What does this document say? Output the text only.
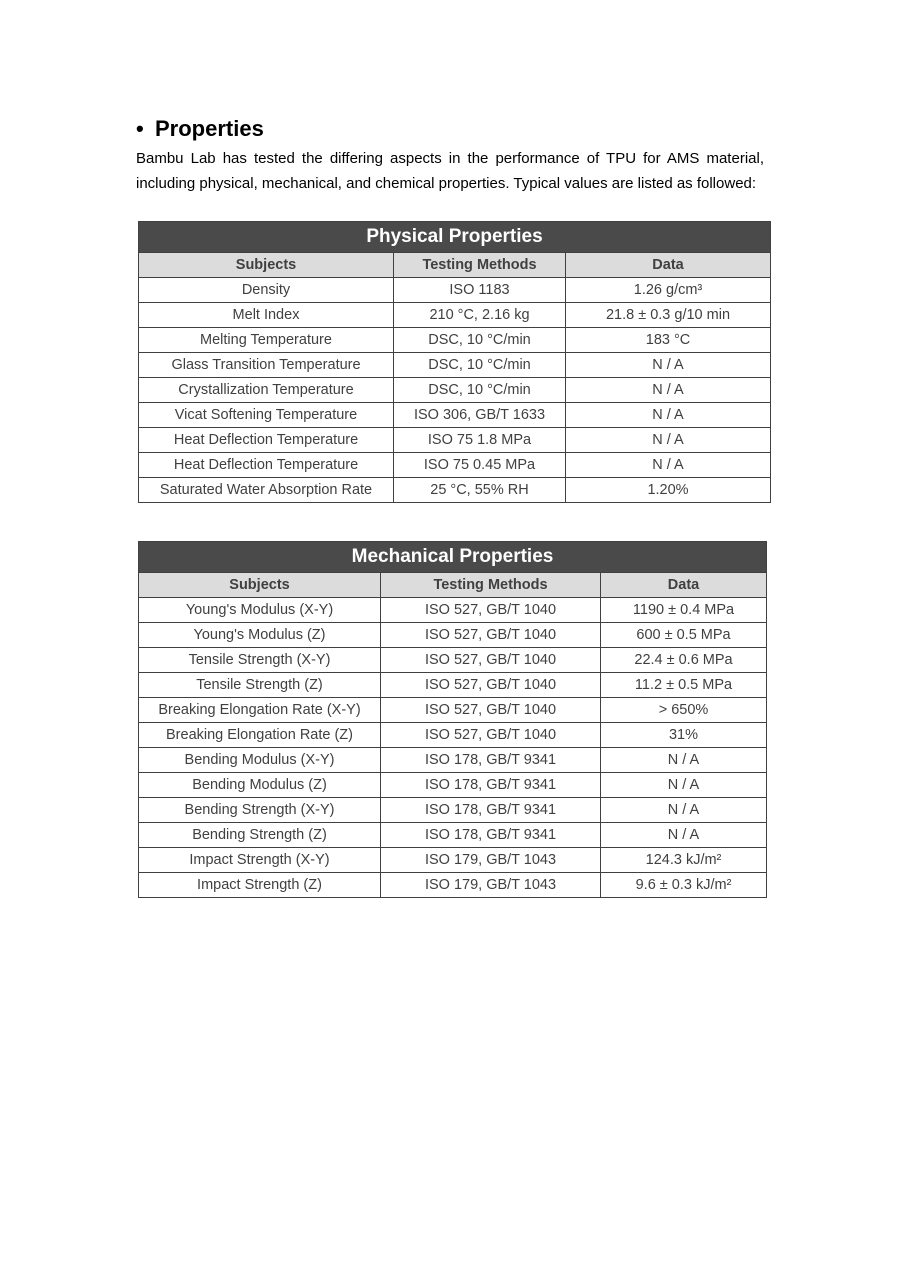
• Properties

Bambu Lab has tested the differing aspects in the performance of TPU for AMS material, including physical, mechanical, and chemical properties. Typical values are listed as followed:

Physical Properties		
Subjects	Testing Methods	Data
Density	ISO 1183	1.26 g/cm³
Melt Index	210 °C, 2.16 kg	21.8 ± 0.3 g/10 min
Melting Temperature	DSC, 10 °C/min	183 °C
Glass Transition Temperature	DSC, 10 °C/min	N / A
Crystallization Temperature	DSC, 10 °C/min	N / A
Vicat Softening Temperature	ISO 306, GB/T 1633	N / A
Heat Deflection Temperature	ISO 75 1.8 MPa	N / A
Heat Deflection Temperature	ISO 75 0.45 MPa	N / A
Saturated Water Absorption Rate	25 °C, 55% RH	1.20%
Mechanical Properties		
Subjects	Testing Methods	Data
Young's Modulus (X-Y)	ISO 527, GB/T 1040	1190 ± 0.4 MPa
Young's Modulus (Z)	ISO 527, GB/T 1040	600 ± 0.5 MPa
Tensile Strength (X-Y)	ISO 527, GB/T 1040	22.4 ± 0.6 MPa
Tensile Strength (Z)	ISO 527, GB/T 1040	11.2 ± 0.5 MPa
Breaking Elongation Rate (X-Y)	ISO 527, GB/T 1040	> 650%
Breaking Elongation Rate (Z)	ISO 527, GB/T 1040	31%
Bending Modulus (X-Y)	ISO 178, GB/T 9341	N / A
Bending Modulus (Z)	ISO 178, GB/T 9341	N / A
Bending Strength (X-Y)	ISO 178, GB/T 9341	N / A
Bending Strength (Z)	ISO 178, GB/T 9341	N / A
Impact Strength (X-Y)	ISO 179, GB/T 1043	124.3 kJ/m²
Impact Strength (Z)	ISO 179, GB/T 1043	9.6 ± 0.3 kJ/m²
